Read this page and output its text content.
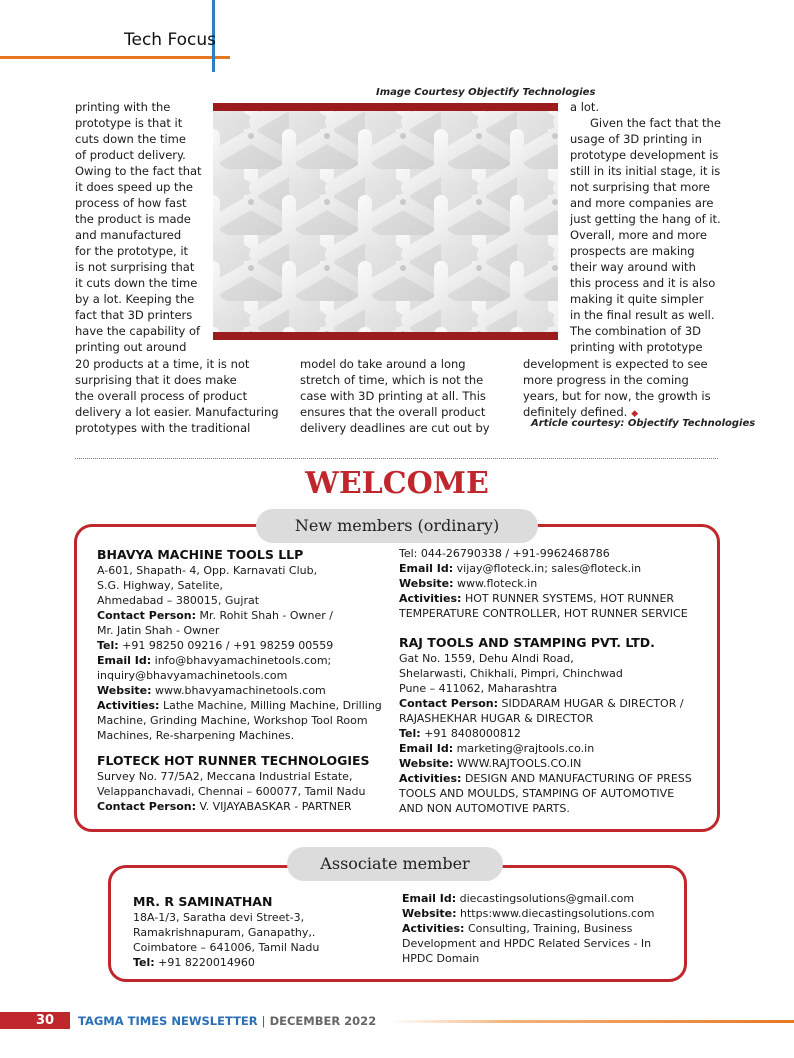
Tech Focus
Image Courtesy Objectify Technologies

printing with the

prototype is that it

cuts down the time

of product delivery.

Owing to the fact that

it does speed up the

process of how fast

the product is made

and manufactured

for the prototype, it

is not surprising that

it cuts down the time

by a lot. Keeping the

fact that 3D printers

have the capability of

printing out around

20 products at a time, it is not

surprising that it does make

the overall process of product

delivery a lot easier. Manufacturing

prototypes with the traditional

model do take around a long

stretch of time, which is not the

case with 3D printing at all. This

ensures that the overall product

delivery deadlines are cut out by

a lot.

Given the fact that the

usage of 3D printing in

prototype development is

still in its initial stage, it is

not surprising that more

and more companies are

just getting the hang of it.

Overall, more and more

prospects are making

their way around with

this process and it is also

making it quite simpler

in the final result as well.

The combination of 3D

printing with prototype

development is expected to see

more progress in the coming

years, but for now, the growth is

definitely defined. ◆

Article courtesy: Objectify Technologies
WELCOME
New members (ordinary)
BHAVYA MACHINE TOOLS LLP
A-601, Shapath- 4, Opp. Karnavati Club,
S.G. Highway, Satelite,
Ahmedabad – 380015, Gujrat
Contact Person: Mr. Rohit Shah - Owner /
Mr. Jatin Shah - Owner
Tel: +91 98250 09216 / +91 98259 00559
Email Id: info@bhavyamachinetools.com;
inquiry@bhavyamachinetools.com
Website: www.bhavyamachinetools.com
Activities: Lathe Machine, Milling Machine, Drilling Machine, Grinding Machine, Workshop Tool Room Machines, Re-sharpening Machines.
FLOTECK HOT RUNNER TECHNOLOGIES
Survey No. 77/5A2, Meccana Industrial Estate,
Velappanchavadi, Chennai – 600077, Tamil Nadu
Contact Person: V. VIJAYABASKAR - PARTNER
Tel: 044-26790338 / +91-9962468786
Email Id: vijay@floteck.in; sales@floteck.in
Website: www.floteck.in
Activities: HOT RUNNER SYSTEMS, HOT RUNNER TEMPERATURE CONTROLLER, HOT RUNNER SERVICE
RAJ TOOLS AND STAMPING PVT. LTD.
Gat No. 1559, Dehu Alndi Road,
Shelarwasti, Chikhali, Pimpri, Chinchwad
Pune – 411062, Maharashtra
Contact Person: SIDDARAM HUGAR & DIRECTOR /
RAJASHEKHAR HUGAR & DIRECTOR
Tel: +91 8408000812
Email Id: marketing@rajtools.co.in
Website: WWW.RAJTOOLS.CO.IN
Activities: DESIGN AND MANUFACTURING OF PRESS TOOLS AND MOULDS, STAMPING OF AUTOMOTIVE AND NON AUTOMOTIVE PARTS.
Associate member
MR. R SAMINATHAN
18A-1/3, Saratha devi Street-3,
Ramakrishnapuram, Ganapathy,.
Coimbatore – 641006, Tamil Nadu
Tel: +91 8220014960
Email Id: diecastingsolutions@gmail.com
Website: https:www.diecastingsolutions.com
Activities: Consulting, Training, Business Development and HPDC Related Services - In HPDC Domain
30 TAGMA TIMES NEWSLETTER | DECEMBER 2022
